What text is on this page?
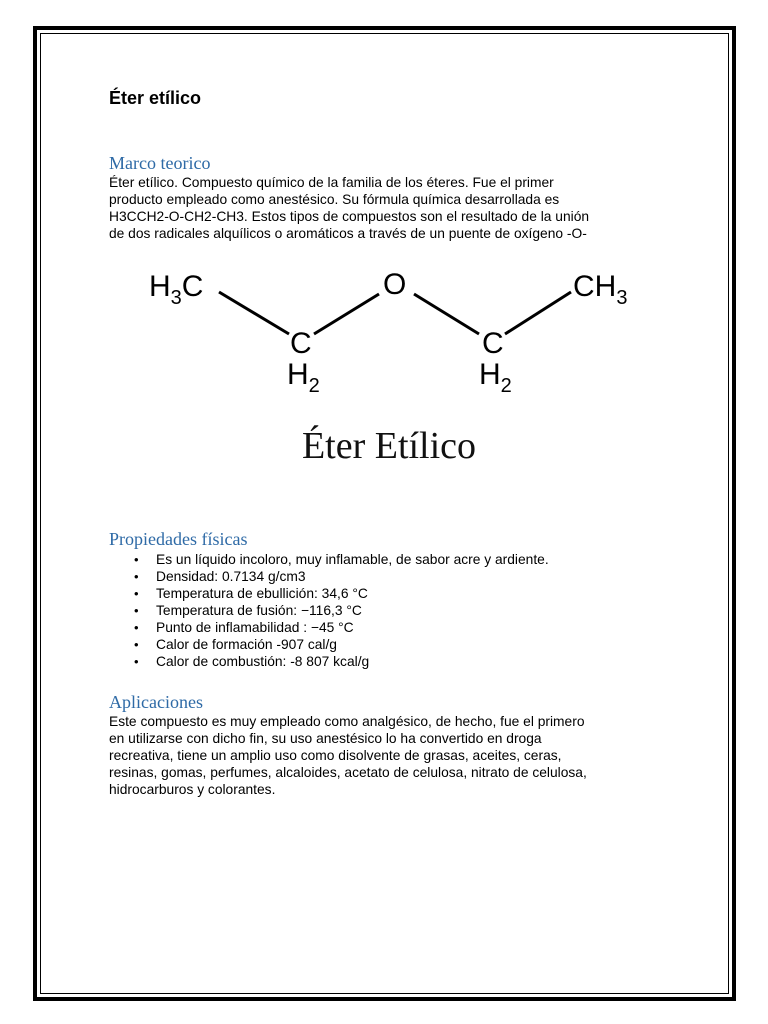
Éter etílico
Marco teorico

Éter etílico. Compuesto químico de la familia de los éteres. Fue el primer

producto empleado como anestésico. Su fórmula química desarrollada es

H3CCH2-O-CH2-CH3. Estos tipos de compuestos son el resultado de la unión

de dos radicales alquílicos o aromáticos a través de un puente de oxígeno -O-

$H_3C$	O	$CH_3$
C
$H_2$
C
$H_2$
Éter Etílico
Propiedades físicas
• Es un líquido incoloro, muy inflamable, de sabor acre y ardiente.
• Densidad: 0.7134 g/cm3
• Temperatura de ebullición: 34,6 °C
• Temperatura de fusión: −116,3 °C
• Punto de inflamabilidad : −45 °C
• Calor de formación -907 cal/g
• Calor de combustión: -8 807 kcal/g
Aplicaciones

Este compuesto es muy empleado como analgésico, de hecho, fue el primero

en utilizarse con dicho fin, su uso anestésico lo ha convertido en droga

recreativa, tiene un amplio uso como disolvente de grasas, aceites, ceras,

resinas, gomas, perfumes, alcaloides, acetato de celulosa, nitrato de celulosa,

hidrocarburos y colorantes.
